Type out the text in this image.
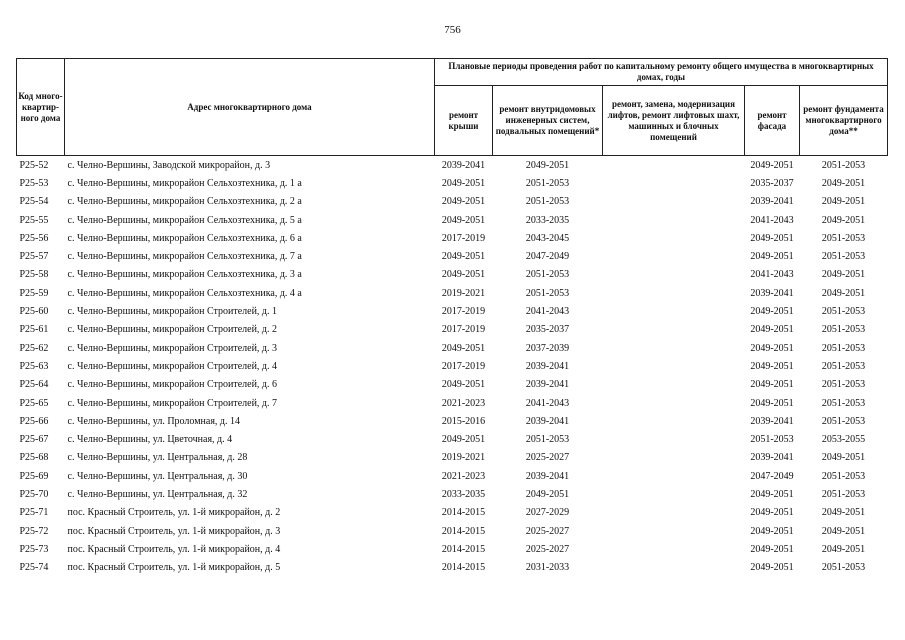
756
Код много-квартир-ного дома	Адрес многоквартирного дома	Плановые периоды проведения работ по капитальному ремонту общего имущества в многоквартирных домах, годы				
		ремонт крыши	ремонт внутридомовых инженерных систем, подвальных помещений*	ремонт, замена, модернизация лифтов, ремонт лифтовых шахт, машинных и блочных помещений	ремонт фасада	ремонт фундамента многоквартирного дома**
P25-52	с. Челно-Вершины, Заводской микрорайон, д. 3	2039-2041	2049-2051		2049-2051	2051-2053
P25-53	с. Челно-Вершины, микрорайон Сельхозтехника, д. 1 а	2049-2051	2051-2053		2035-2037	2049-2051
P25-54	с. Челно-Вершины, микрорайон Сельхозтехника, д. 2 а	2049-2051	2051-2053		2039-2041	2049-2051
P25-55	с. Челно-Вершины, микрорайон Сельхозтехника, д. 5 а	2049-2051	2033-2035		2041-2043	2049-2051
P25-56	с. Челно-Вершины, микрорайон Сельхозтехника, д. 6 а	2017-2019	2043-2045		2049-2051	2051-2053
P25-57	с. Челно-Вершины, микрорайон Сельхозтехника, д. 7 а	2049-2051	2047-2049		2049-2051	2051-2053
P25-58	с. Челно-Вершины, микрорайон Сельхозтехника, д. 3 а	2049-2051	2051-2053		2041-2043	2049-2051
P25-59	с. Челно-Вершины, микрорайон Сельхозтехника, д. 4 а	2019-2021	2051-2053		2039-2041	2049-2051
P25-60	с. Челно-Вершины, микрорайон Строителей, д. 1	2017-2019	2041-2043		2049-2051	2051-2053
P25-61	с. Челно-Вершины, микрорайон Строителей, д. 2	2017-2019	2035-2037		2049-2051	2051-2053
P25-62	с. Челно-Вершины, микрорайон Строителей, д. 3	2049-2051	2037-2039		2049-2051	2051-2053
P25-63	с. Челно-Вершины, микрорайон Строителей, д. 4	2017-2019	2039-2041		2049-2051	2051-2053
P25-64	с. Челно-Вершины, микрорайон Строителей, д. 6	2049-2051	2039-2041		2049-2051	2051-2053
P25-65	с. Челно-Вершины, микрорайон Строителей, д. 7	2021-2023	2041-2043		2049-2051	2051-2053
P25-66	с. Челно-Вершины, ул. Проломная, д. 14	2015-2016	2039-2041		2039-2041	2051-2053
P25-67	с. Челно-Вершины, ул. Цветочная, д. 4	2049-2051	2051-2053		2051-2053	2053-2055
P25-68	с. Челно-Вершины, ул. Центральная, д. 28	2019-2021	2025-2027		2039-2041	2049-2051
P25-69	с. Челно-Вершины, ул. Центральная, д. 30	2021-2023	2039-2041		2047-2049	2051-2053
P25-70	с. Челно-Вершины, ул. Центральная, д. 32	2033-2035	2049-2051		2049-2051	2051-2053
P25-71	пос. Красный Строитель, ул. 1-й микрорайон, д. 2	2014-2015	2027-2029		2049-2051	2049-2051
P25-72	пос. Красный Строитель, ул. 1-й микрорайон, д. 3	2014-2015	2025-2027		2049-2051	2049-2051
P25-73	пос. Красный Строитель, ул. 1-й микрорайон, д. 4	2014-2015	2025-2027		2049-2051	2049-2051
P25-74	пос. Красный Строитель, ул. 1-й микрорайон, д. 5	2014-2015	2031-2033		2049-2051	2051-2053
